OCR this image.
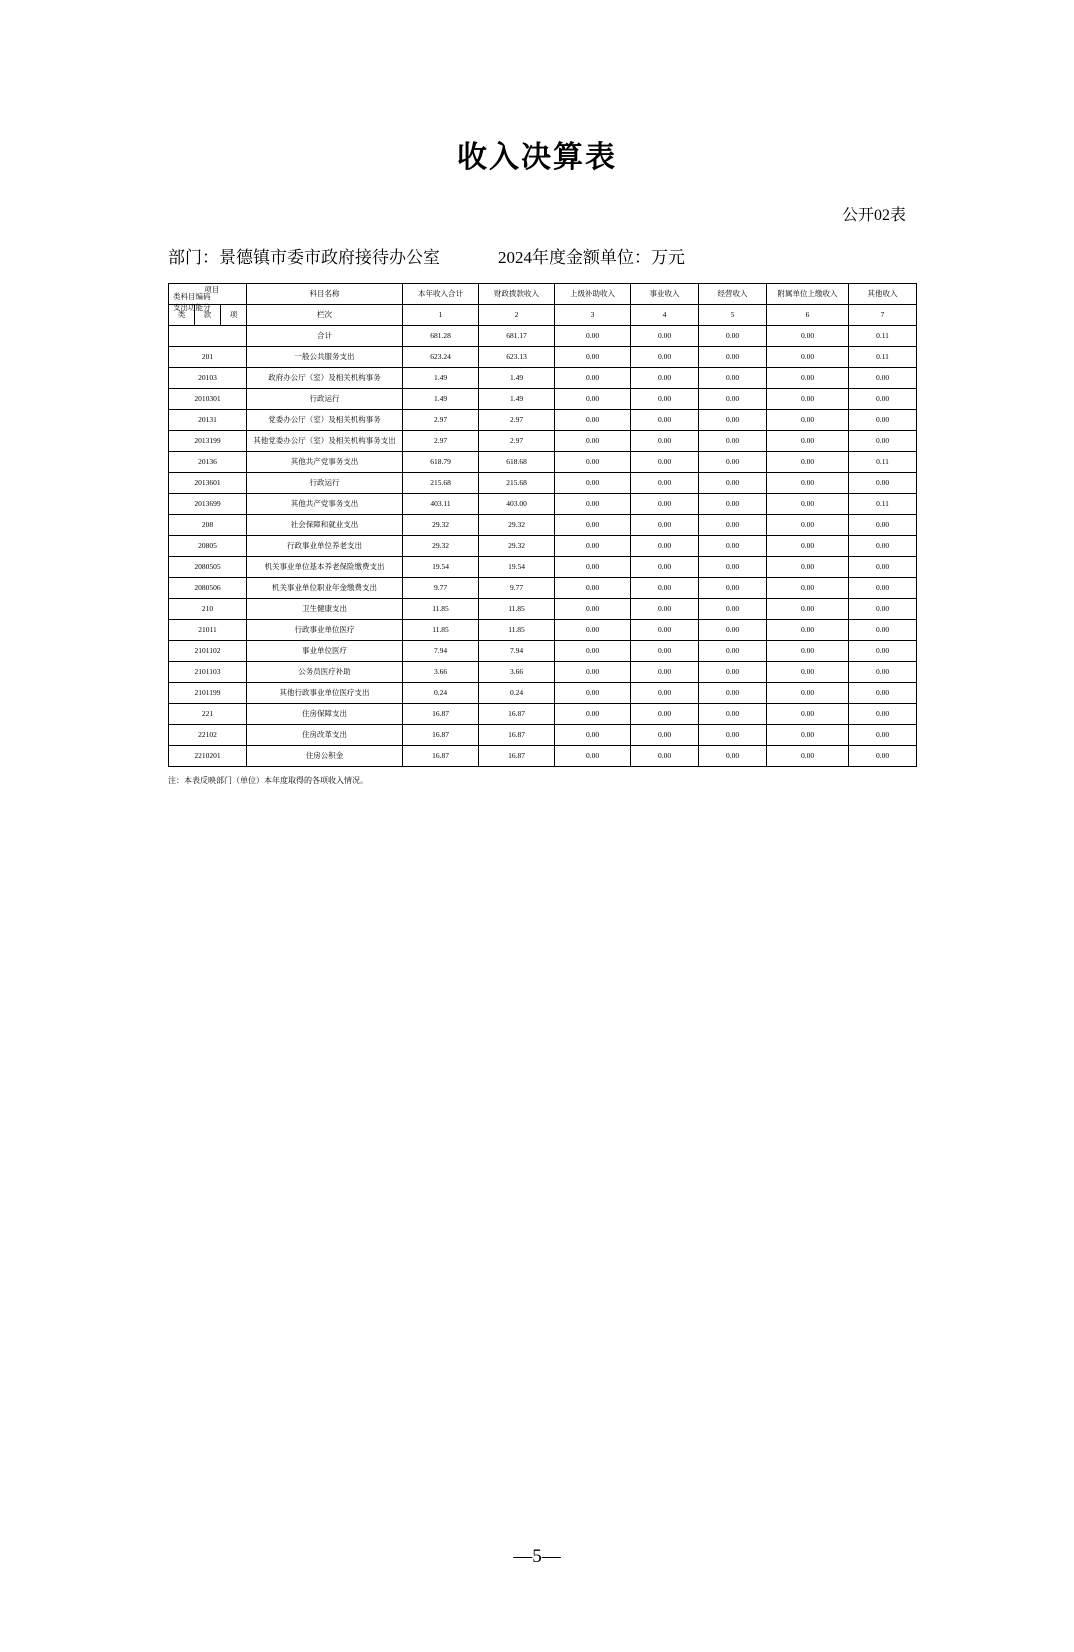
收入决算表
公开02表
部门：景德镇市委市政府接待办公室	2024年度金额单位：万元
项目
支出功能分
类科目编码			科目名称	本年收入合计	财政拨款收入	上级补助收入	事业收入	经营收入	附属单位上缴收入	其他收入
类	款	项	栏次	1	2	3	4	5	6	7
			合计	681.28	681.17	0.00	0.00	0.00	0.00	0.11
201			一般公共服务支出	623.24	623.13	0.00	0.00	0.00	0.00	0.11
20103			政府办公厅（室）及相关机构事务	1.49	1.49	0.00	0.00	0.00	0.00	0.00
2010301			行政运行	1.49	1.49	0.00	0.00	0.00	0.00	0.00
20131			党委办公厅（室）及相关机构事务	2.97	2.97	0.00	0.00	0.00	0.00	0.00
2013199			其他党委办公厅（室）及相关机构事务支出	2.97	2.97	0.00	0.00	0.00	0.00	0.00
20136			其他共产党事务支出	618.79	618.68	0.00	0.00	0.00	0.00	0.11
2013601			行政运行	215.68	215.68	0.00	0.00	0.00	0.00	0.00
2013699			其他共产党事务支出	403.11	403.00	0.00	0.00	0.00	0.00	0.11
208			社会保障和就业支出	29.32	29.32	0.00	0.00	0.00	0.00	0.00
20805			行政事业单位养老支出	29.32	29.32	0.00	0.00	0.00	0.00	0.00
2080505			机关事业单位基本养老保险缴费支出	19.54	19.54	0.00	0.00	0.00	0.00	0.00
2080506			机关事业单位职业年金缴费支出	9.77	9.77	0.00	0.00	0.00	0.00	0.00
210			卫生健康支出	11.85	11.85	0.00	0.00	0.00	0.00	0.00
21011			行政事业单位医疗	11.85	11.85	0.00	0.00	0.00	0.00	0.00
2101102			事业单位医疗	7.94	7.94	0.00	0.00	0.00	0.00	0.00
2101103			公务员医疗补助	3.66	3.66	0.00	0.00	0.00	0.00	0.00
2101199			其他行政事业单位医疗支出	0.24	0.24	0.00	0.00	0.00	0.00	0.00
221			住房保障支出	16.87	16.87	0.00	0.00	0.00	0.00	0.00
22102			住房改革支出	16.87	16.87	0.00	0.00	0.00	0.00	0.00
2210201			住房公积金	16.87	16.87	0.00	0.00	0.00	0.00	0.00
注：本表反映部门（单位）本年度取得的各项收入情况。
—5—
